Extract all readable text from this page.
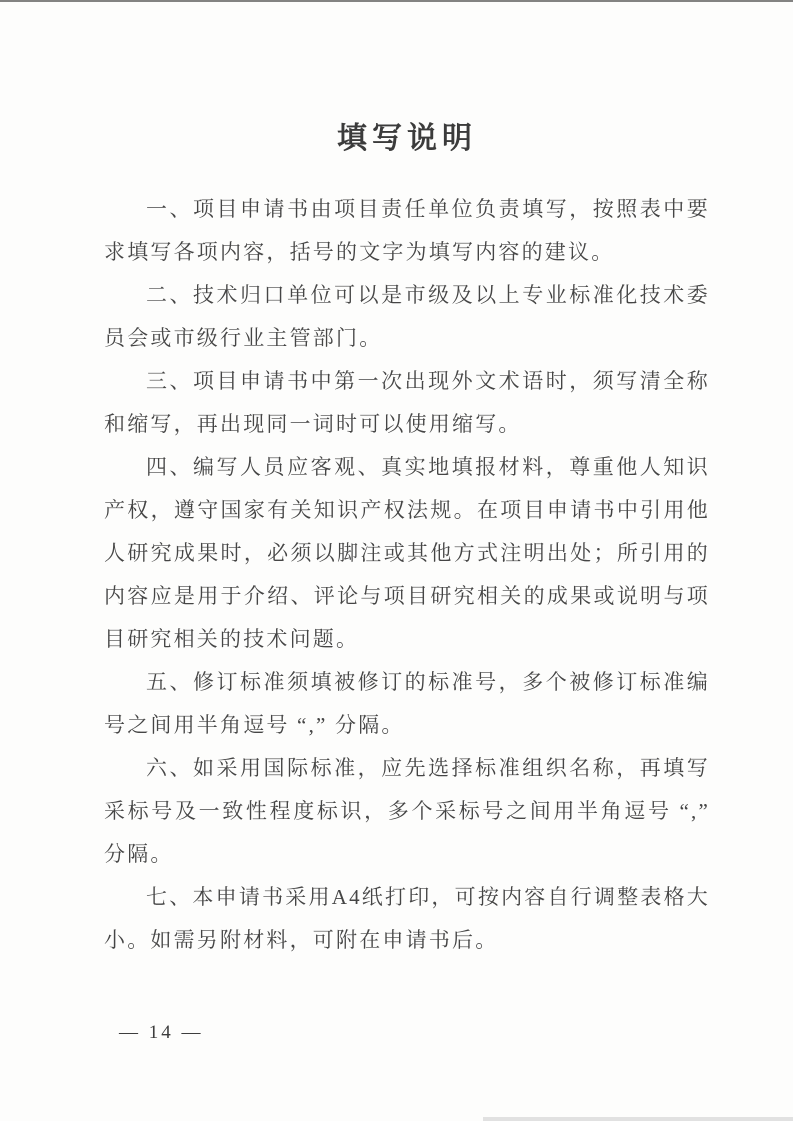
填写说明

一、项目申请书由项目责任单位负责填写，按照表中要求填写各项内容，括号的文字为填写内容的建议。

二、技术归口单位可以是市级及以上专业标准化技术委员会或市级行业主管部门。

三、项目申请书中第一次出现外文术语时，须写清全称和缩写，再出现同一词时可以使用缩写。

四、编写人员应客观、真实地填报材料，尊重他人知识产权，遵守国家有关知识产权法规。在项目申请书中引用他人研究成果时，必须以脚注或其他方式注明出处；所引用的内容应是用于介绍、评论与项目研究相关的成果或说明与项目研究相关的技术问题。

五、修订标准须填被修订的标准号，多个被修订标准编号之间用半角逗号 “,” 分隔。

六、如采用国际标准，应先选择标准组织名称，再填写采标号及一致性程度标识，多个采标号之间用半角逗号 “,” 分隔。

七、本申请书采用A4纸打印，可按内容自行调整表格大小。如需另附材料，可附在申请书后。

— 14 —
